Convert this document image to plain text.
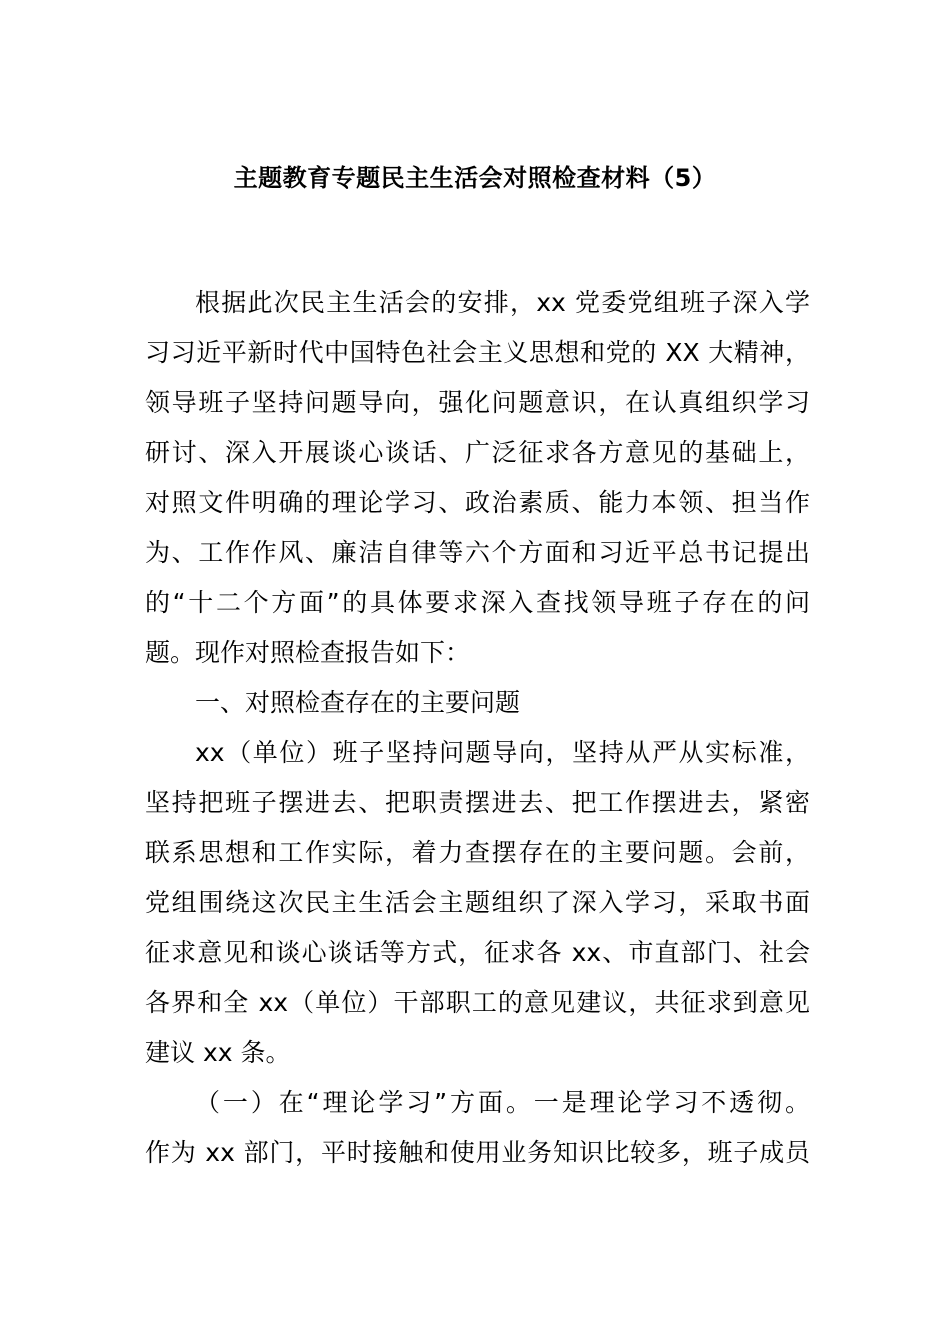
主题教育专题民主生活会对照检查材料（5）
根据此次民主生活会的安排，xx 党委党组班子深入学
习习近平新时代中国特色社会主义思想和党的 XX 大精神，
领导班子坚持问题导向，强化问题意识，在认真组织学习
研讨、深入开展谈心谈话、广泛征求各方意见的基础上，
对照文件明确的理论学习、政治素质、能力本领、担当作
为、工作作风、廉洁自律等六个方面和习近平总书记提出
的“十二个方面”的具体要求深入查找领导班子存在的问
题。现作对照检查报告如下：
一、对照检查存在的主要问题
xx（单位）班子坚持问题导向，坚持从严从实标准，
坚持把班子摆进去、把职责摆进去、把工作摆进去，紧密
联系思想和工作实际，着力查摆存在的主要问题。会前，
党组围绕这次民主生活会主题组织了深入学习，采取书面
征求意见和谈心谈话等方式，征求各 xx、市直部门、社会
各界和全 xx（单位）干部职工的意见建议，共征求到意见
建议 xx 条。
（一）在“理论学习”方面。一是理论学习不透彻。
作为 xx 部门，平时接触和使用业务知识比较多，班子成员
